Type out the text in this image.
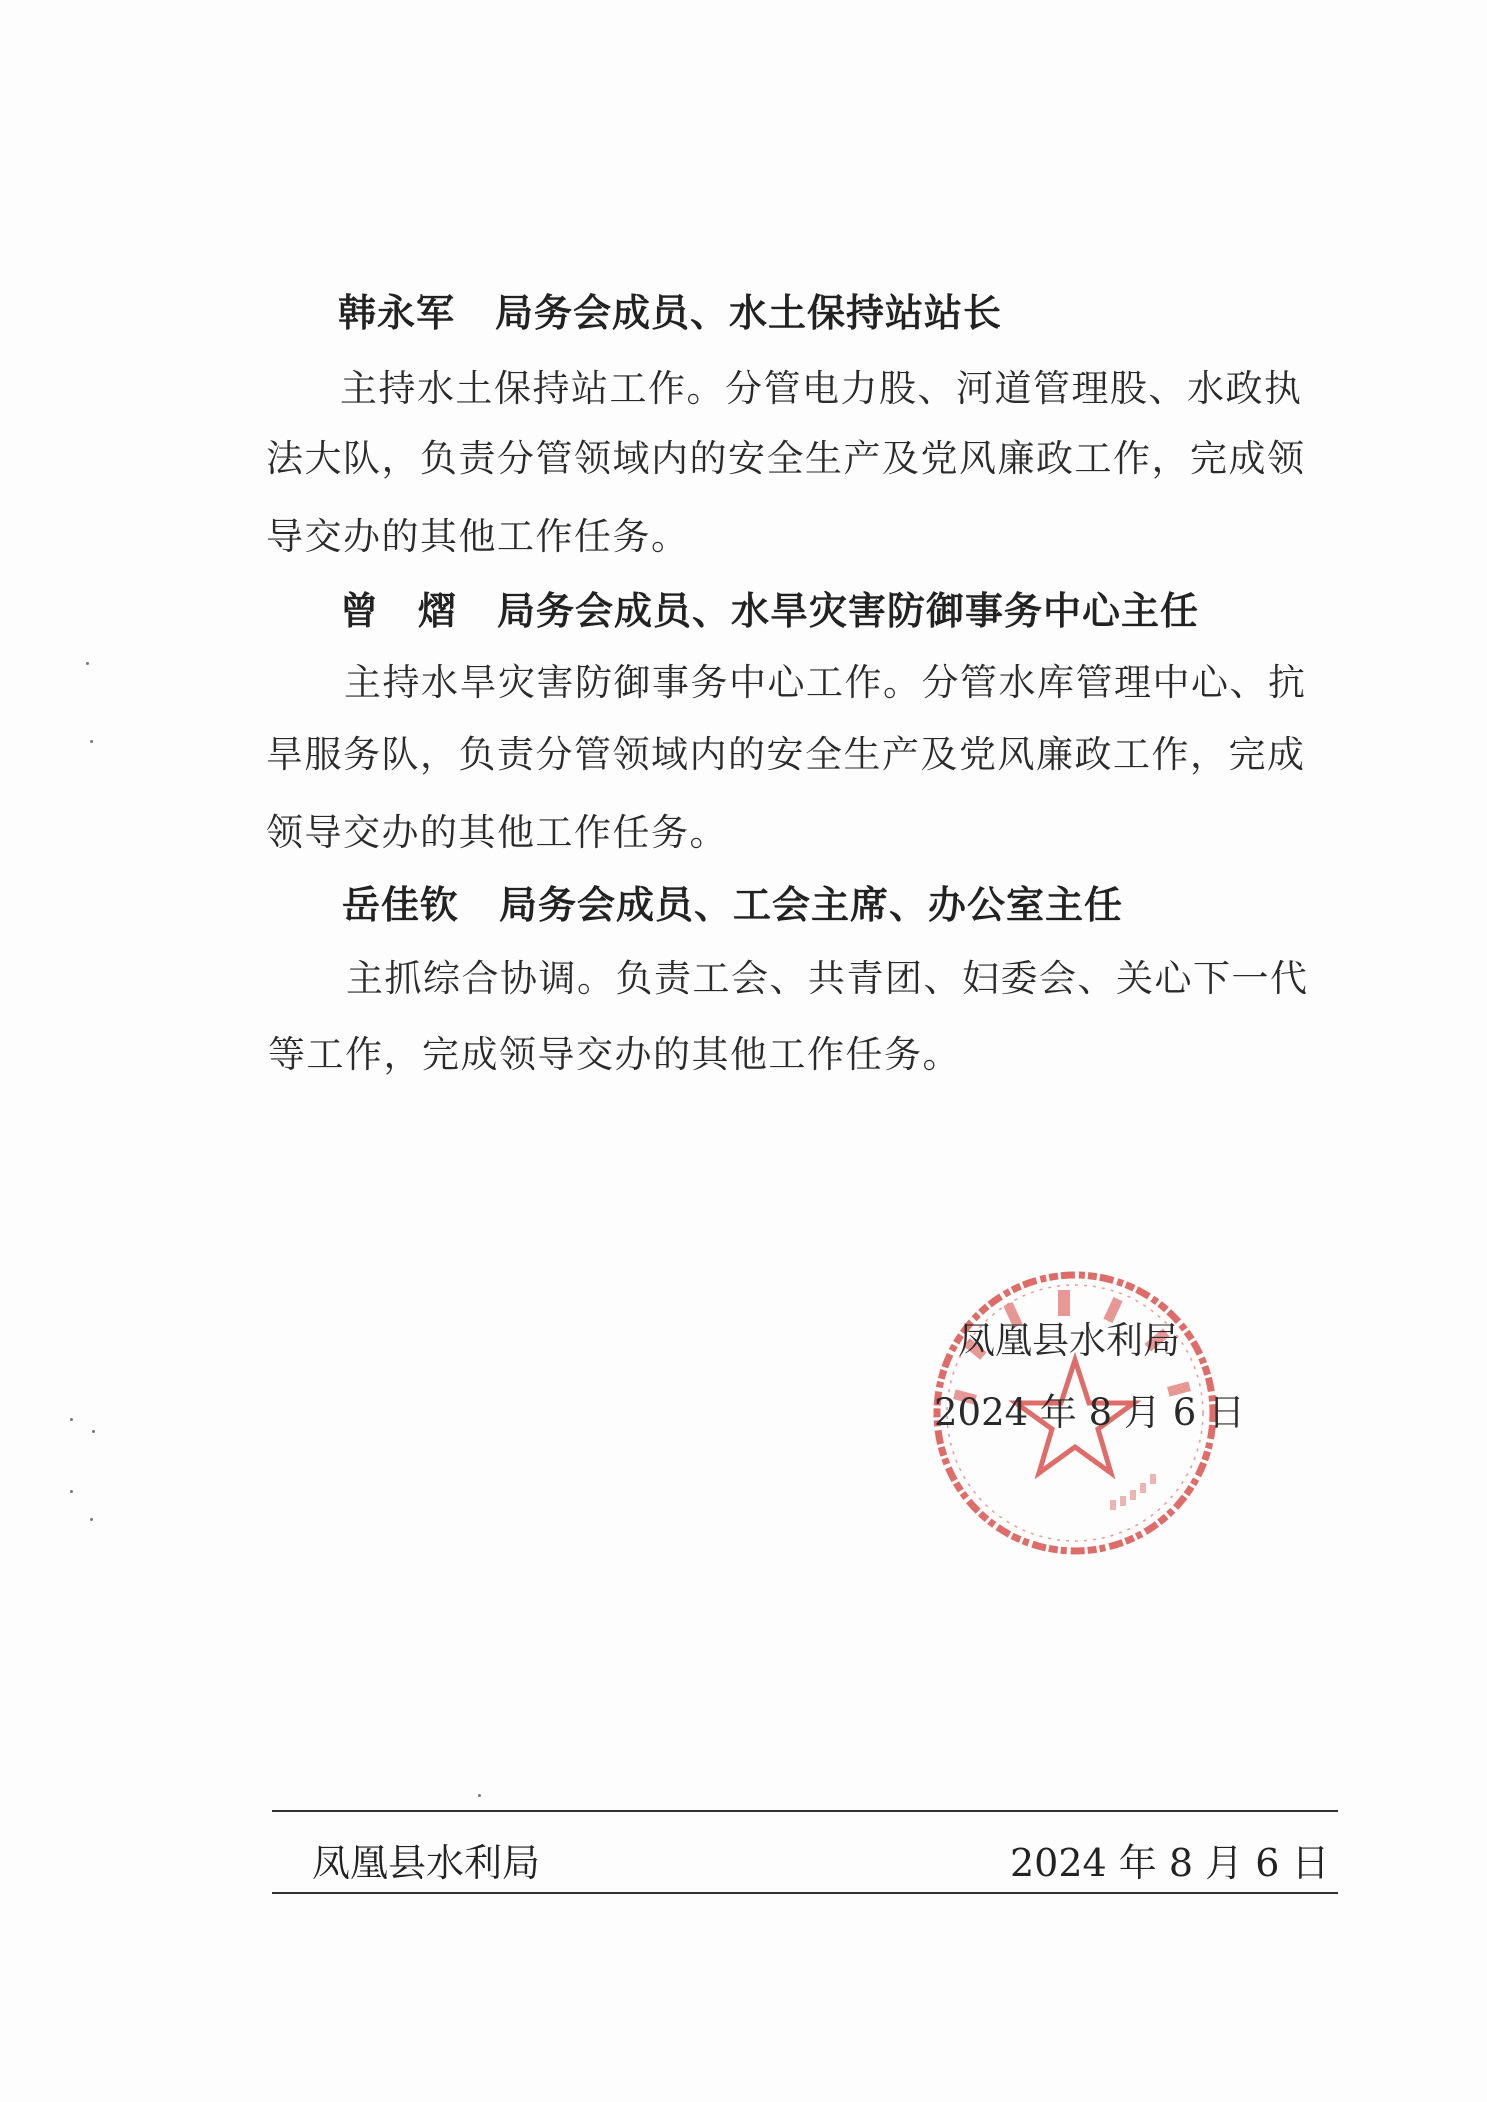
韩永军 局务会成员、水土保持站站长
主持水土保持站工作。分管电力股、河道管理股、水政执
法大队，负责分管领域内的安全生产及党风廉政工作，完成领
导交办的其他工作任务。
曾　熠 局务会成员、水旱灾害防御事务中心主任
主持水旱灾害防御事务中心工作。分管水库管理中心、抗
旱服务队，负责分管领域内的安全生产及党风廉政工作，完成
领导交办的其他工作任务。
岳佳钦 局务会成员、工会主席、办公室主任
主抓综合协调。负责工会、共青团、妇委会、关心下一代
等工作，完成领导交办的其他工作任务。
凤凰县水利局
2024 年 8 月 6 日
凤凰县水利局	2024 年 8 月 6 日
